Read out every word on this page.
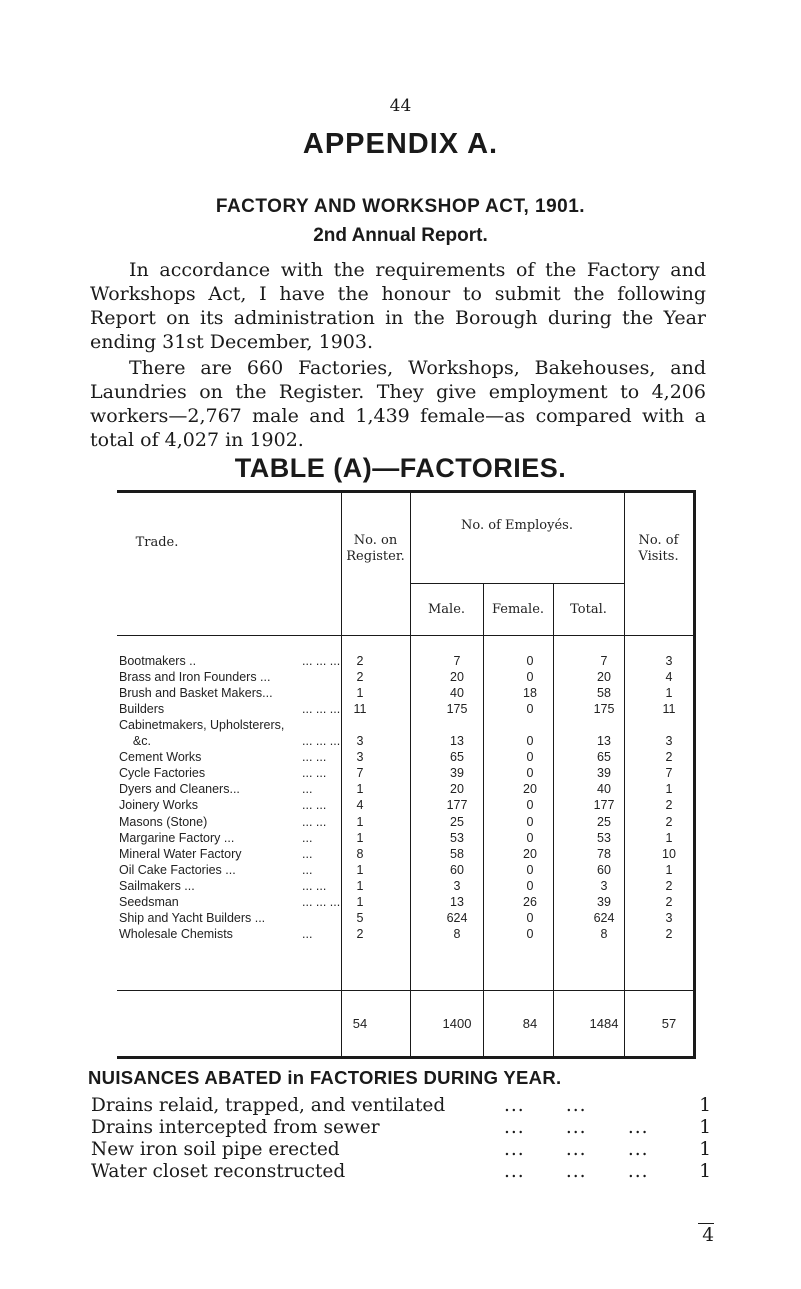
44
APPENDIX A.
FACTORY AND WORKSHOP ACT, 1901.
2nd Annual Report.
In accordance with the requirements of the Factory and Workshops Act, I have the honour to submit the following Report on its administration in the Borough during the Year ending 31st December, 1903.
There are 660 Factories, Workshops, Bakehouses, and Laundries on the Register. They give employment to 4,206 workers—2,767 male and 1,439 female—as compared with a total of 4,027 in 1902.
TABLE (A)—FACTORIES.
Trade.	No. on
Register.
No. of Employés.
Male.	Female.	Total.
No. of
Visits.
Bootmakers ..	... ... ...	2	7	0	7	3
Brass and Iron Founders ...	2	20	0	20	4
Brush and Basket Makers...	1	40	18	58	1
Builders	... ... ...	11	175	0	175	11
Cabinetmakers, Upholsterers,
&c.	... ... ...	3	13	0	13	3
Cement Works	... ...	3	65	0	65	2
Cycle Factories	... ...	7	39	0	39	7
Dyers and Cleaners...	...	1	20	20	40	1
Joinery Works	... ...	4	177	0	177	2
Masons (Stone)	... ...	1	25	0	25	2
Margarine Factory ...	...	1	53	0	53	1
Mineral Water Factory	...	8	58	20	78	10
Oil Cake Factories ...	...	1	60	0	60	1
Sailmakers ...	... ...	1	3	0	3	2
Seedsman	... ... ...	1	13	26	39	2
Ship and Yacht Builders ...	5	624	0	624	3
Wholesale Chemists	...	2	8	0	8	2
54	1400	84	1484	57
NUISANCES ABATED in FACTORIES DURING YEAR.
Drains relaid, trapped, and ventilated	...      ...	1
Drains intercepted from sewer	...      ...      ...	1
New iron soil pipe erected	...      ...      ...	1
Water closet reconstructed	...      ...      ...	1
4
